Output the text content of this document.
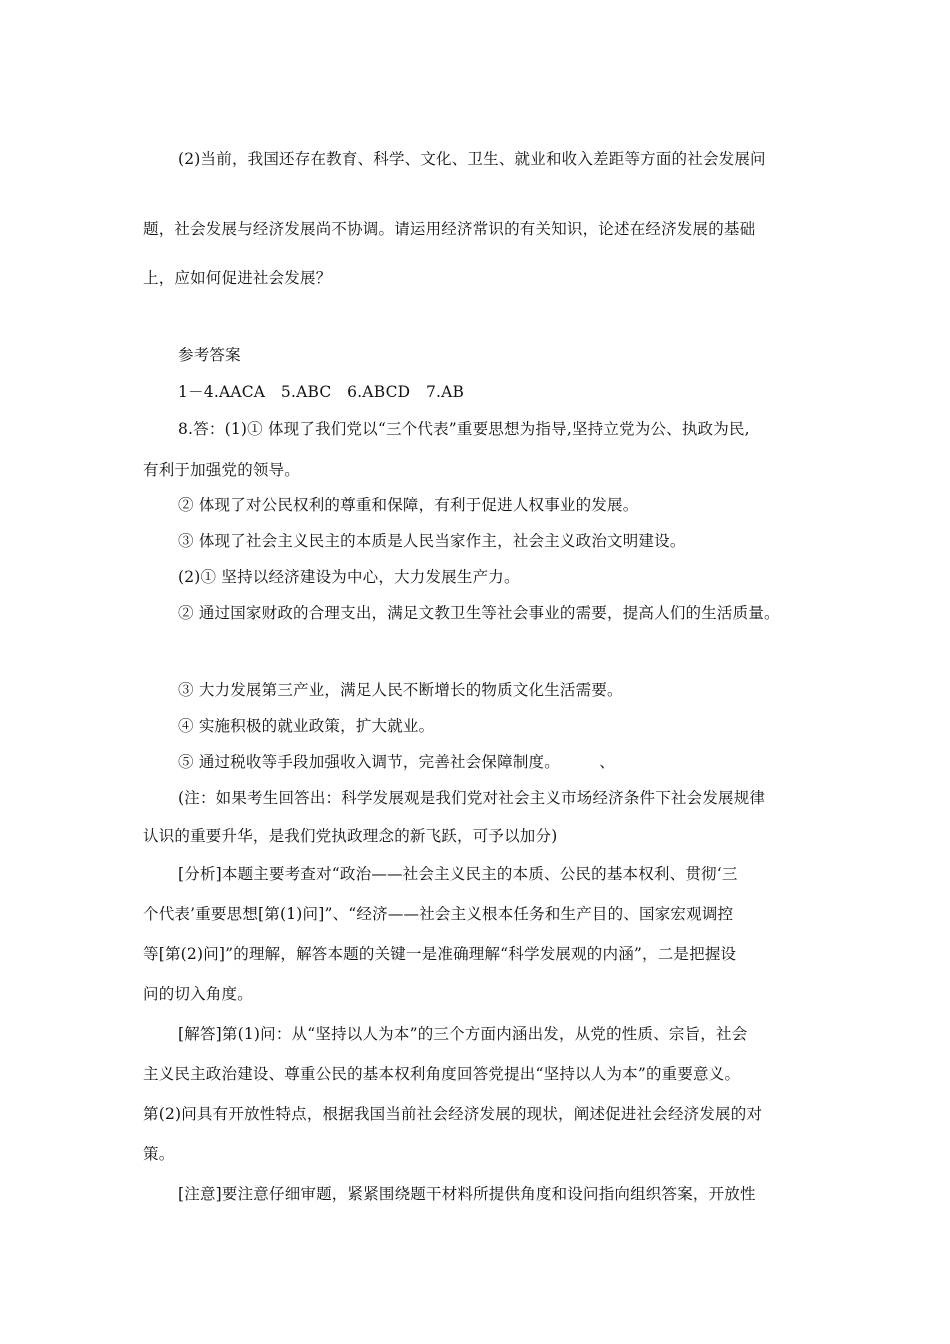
(2)当前，我国还存在教育、科学、文化、卫生、就业和收入差距等方面的社会发展问
题，社会发展与经济发展尚不协调。请运用经济常识的有关知识，论述在经济发展的基础
上，应如何促进社会发展？
参考答案
1－4.AACA　5.ABC　6.ABCD　7.AB
8.答：(1)① 体现了我们党以“三个代表”重要思想为指导,坚持立党为公、执政为民,
有利于加强党的领导。
② 体现了对公民权利的尊重和保障，有利于促进人权事业的发展。
③ 体现了社会主义民主的本质是人民当家作主，社会主义政治文明建设。
(2)① 坚持以经济建设为中心，大力发展生产力。
② 通过国家财政的合理支出，满足文教卫生等社会事业的需要，提高人们的生活质量。
③ 大力发展第三产业，满足人民不断增长的物质文化生活需要。
④ 实施积极的就业政策，扩大就业。
⑤ 通过税收等手段加强收入调节，完善社会保障制度。　　　、
(注：如果考生回答出：科学发展观是我们党对社会主义市场经济条件下社会发展规律
认识的重要升华，是我们党执政理念的新飞跃，可予以加分)
[分析]本题主要考查对“政治——社会主义民主的本质、公民的基本权利、贯彻‘三
个代表’重要思想[第(1)问]”、“经济——社会主义根本任务和生产目的、国家宏观调控
等[第(2)问]”的理解，解答本题的关键一是准确理解“科学发展观的内涵”，二是把握设
问的切入角度。
[解答]第(1)问：从“坚持以人为本”的三个方面内涵出发，从党的性质、宗旨，社会
主义民主政治建设、尊重公民的基本权利角度回答党提出“坚持以人为本”的重要意义。
第(2)问具有开放性特点，根据我国当前社会经济发展的现状，阐述促进社会经济发展的对
策。
[注意]要注意仔细审题，紧紧围绕题干材料所提供角度和设问指向组织答案，开放性
